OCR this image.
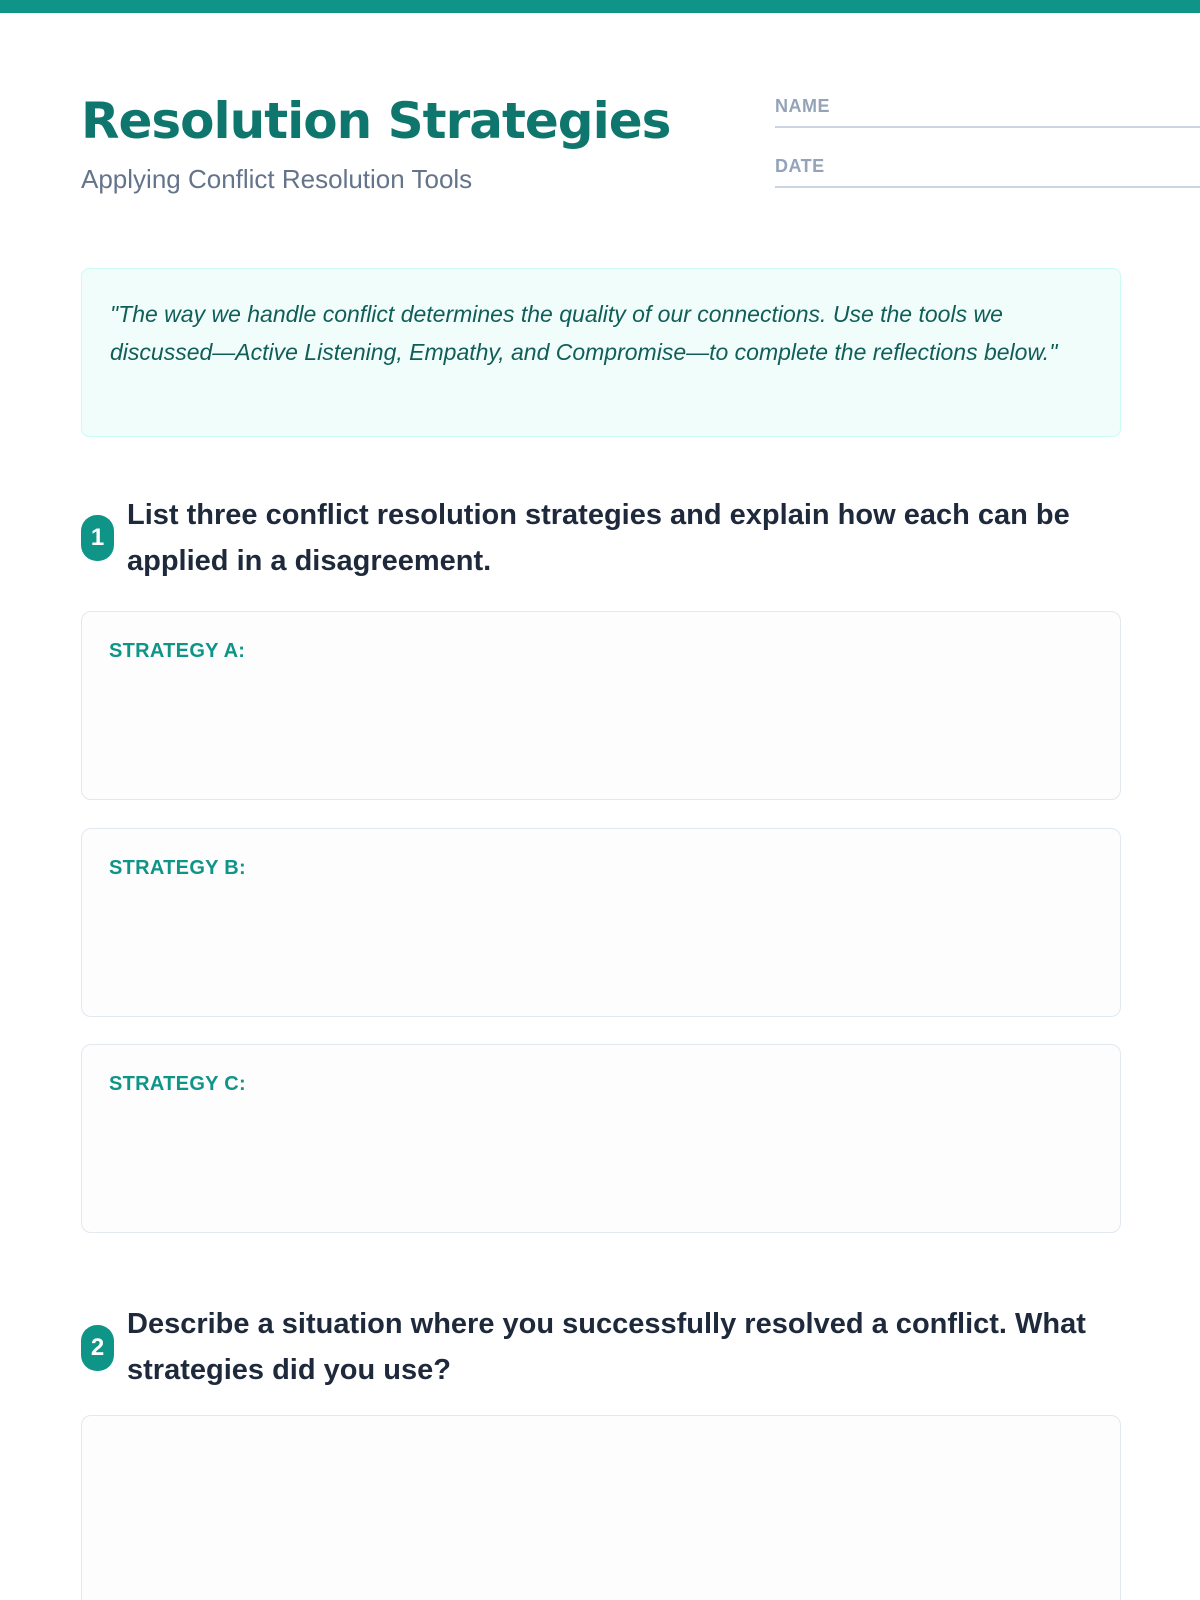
Resolution Strategies
Applying Conflict Resolution Tools
NAME
DATE

"The way we handle conflict determines the quality of our connections. Use the tools we discussed—Active Listening, Empathy, and Compromise—to complete the reflections below."

1
List three conflict resolution strategies and explain how each can be applied in a disagreement.
STRATEGY A:
STRATEGY B:
STRATEGY C:
2
Describe a situation where you successfully resolved a conflict. What strategies did you use?
